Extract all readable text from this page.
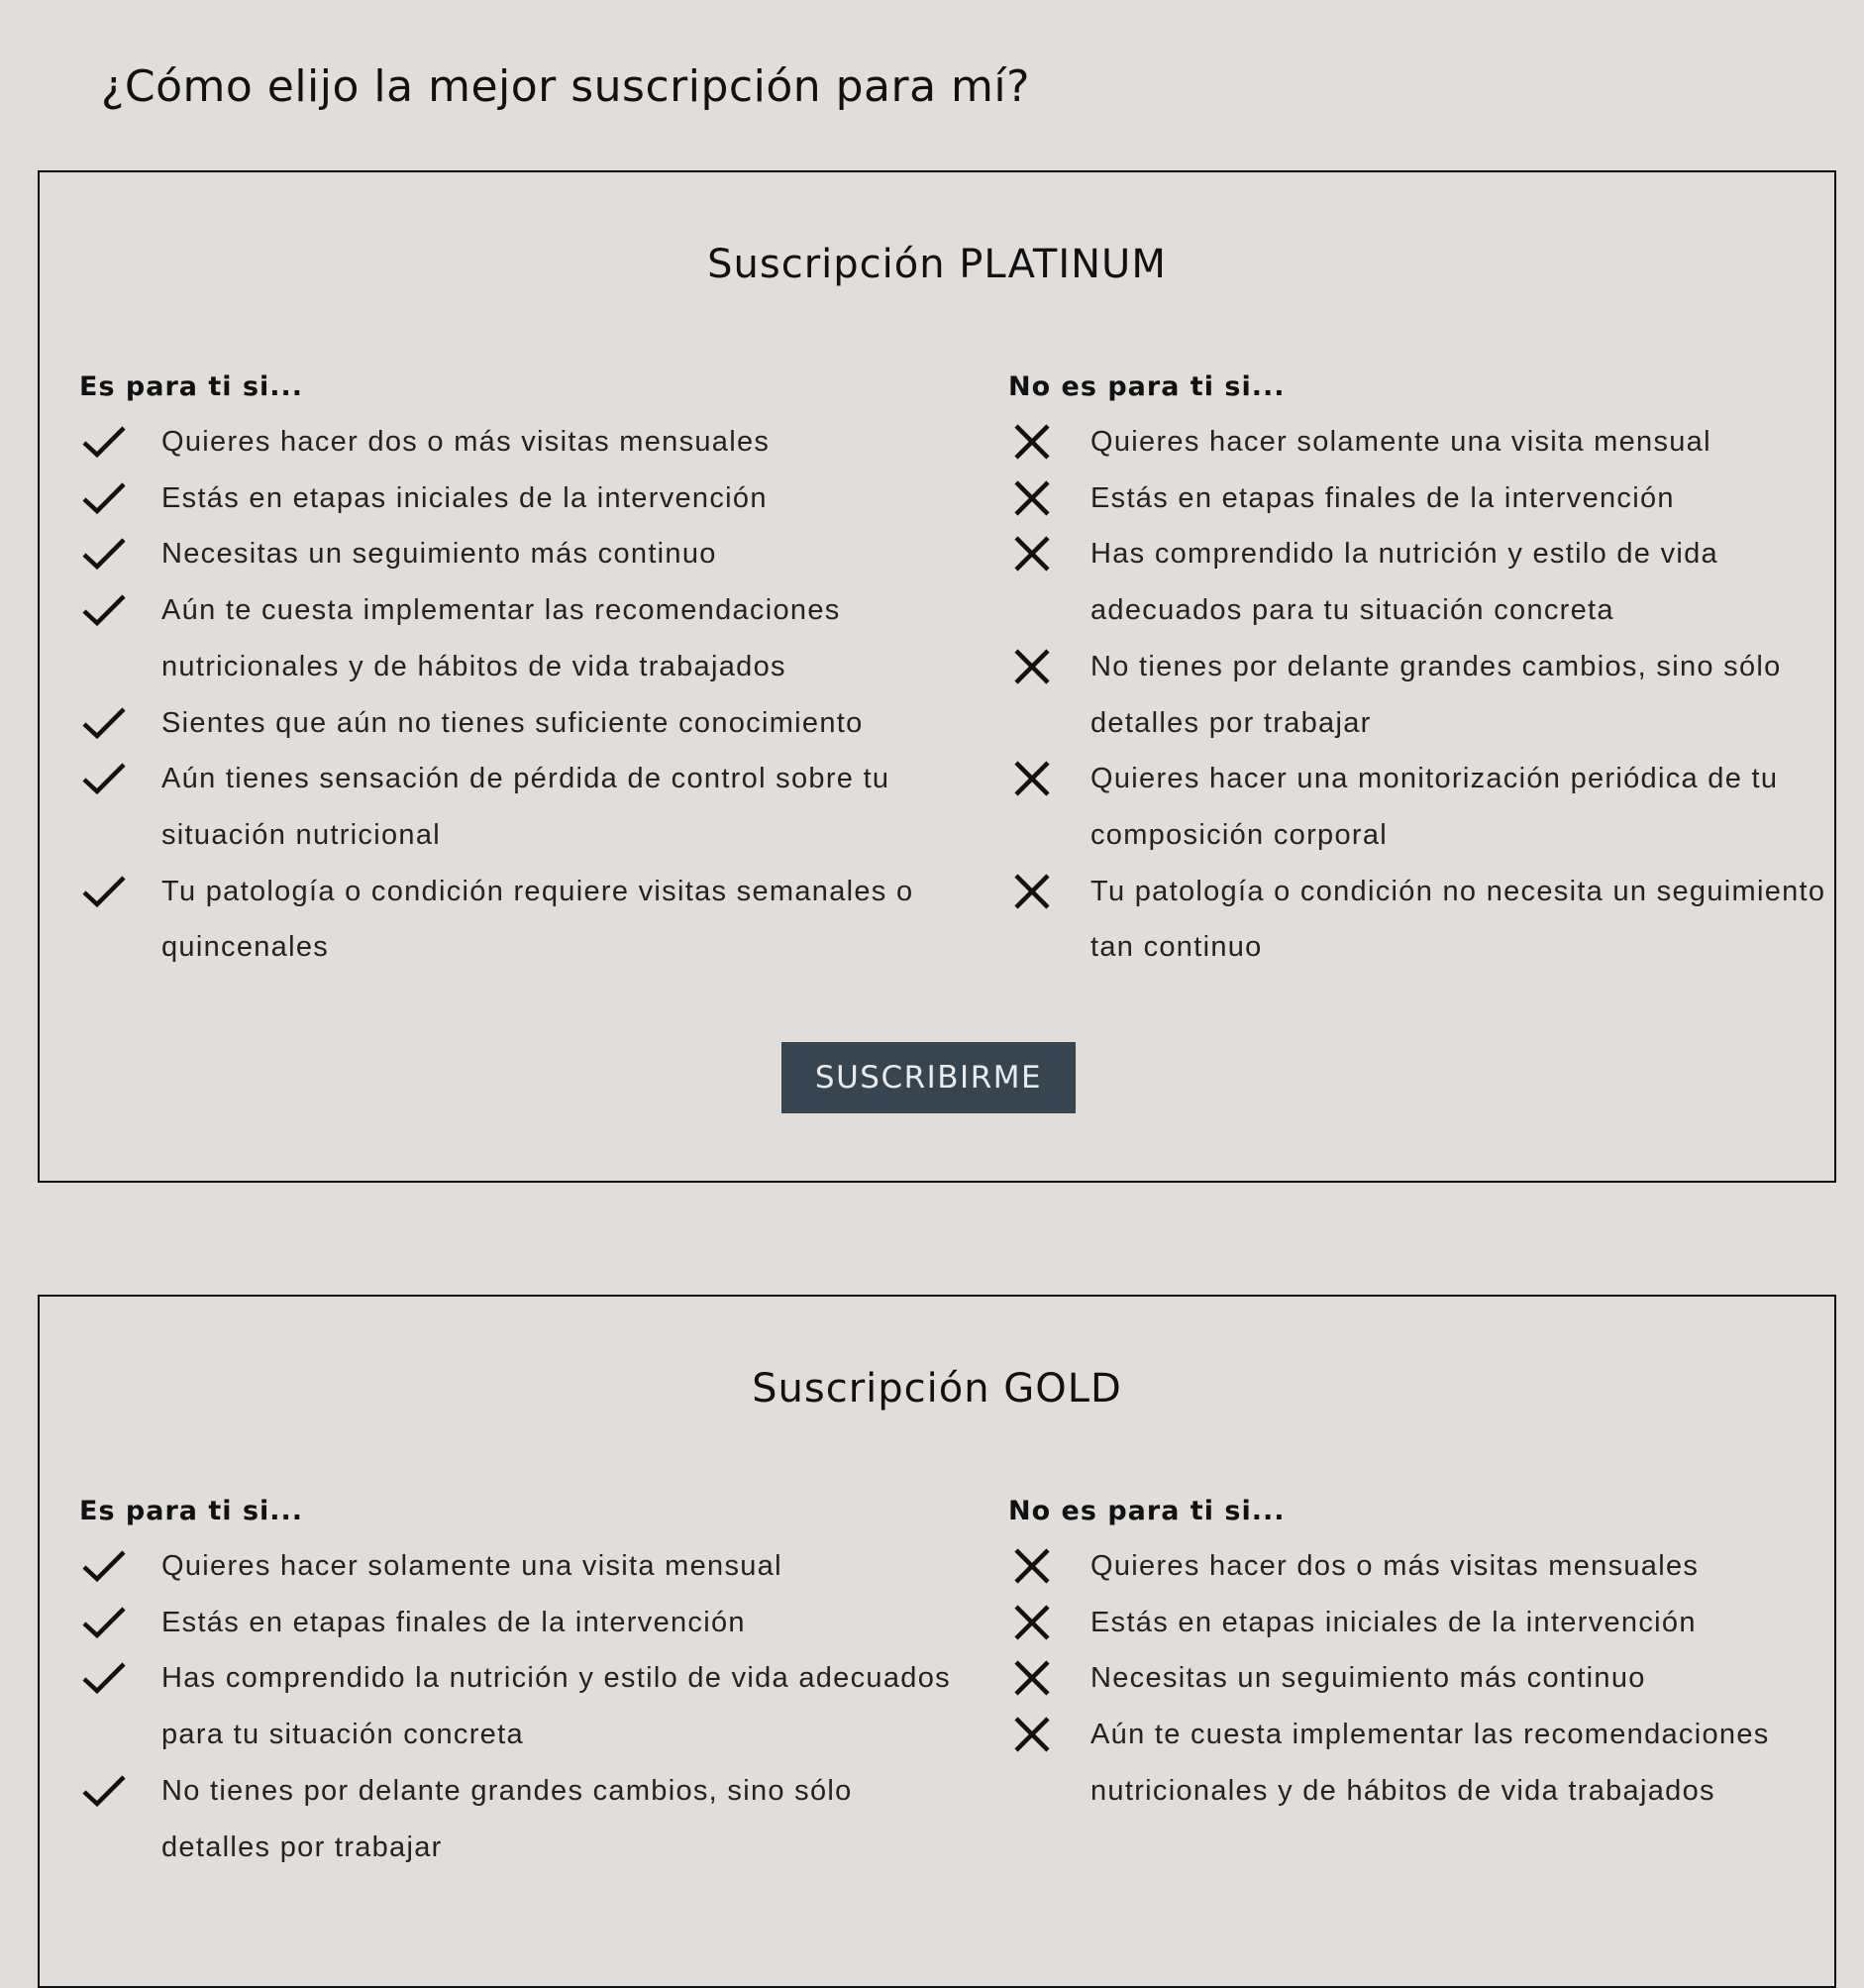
¿Cómo elijo la mejor suscripción para mí?
Suscripción PLATINUM
Es para ti si...
Quieres hacer dos o más visitas mensuales
Estás en etapas iniciales de la intervención
Necesitas un seguimiento más continuo
Aún te cuesta implementar las recomendaciones nutricionales y de hábitos de vida trabajados
Sientes que aún no tienes suficiente conocimiento
Aún tienes sensación de pérdida de control sobre tu situación nutricional
Tu patología o condición requiere visitas semanales o quincenales
No es para ti si...
Quieres hacer solamente una visita mensual
Estás en etapas finales de la intervención
Has comprendido la nutrición y estilo de vida adecuados para tu situación concreta
No tienes por delante grandes cambios, sino sólo detalles por trabajar
Quieres hacer una monitorización periódica de tu composición corporal
Tu patología o condición no necesita un seguimiento tan continuo
SUSCRIBIRME
Suscripción GOLD
Es para ti si...
Quieres hacer solamente una visita mensual
Estás en etapas finales de la intervención
Has comprendido la nutrición y estilo de vida adecuados para tu situación concreta
No tienes por delante grandes cambios, sino sólo detalles por trabajar
No es para ti si...
Quieres hacer dos o más visitas mensuales
Estás en etapas iniciales de la intervención
Necesitas un seguimiento más continuo
Aún te cuesta implementar las recomendaciones nutricionales y de hábitos de vida trabajados
